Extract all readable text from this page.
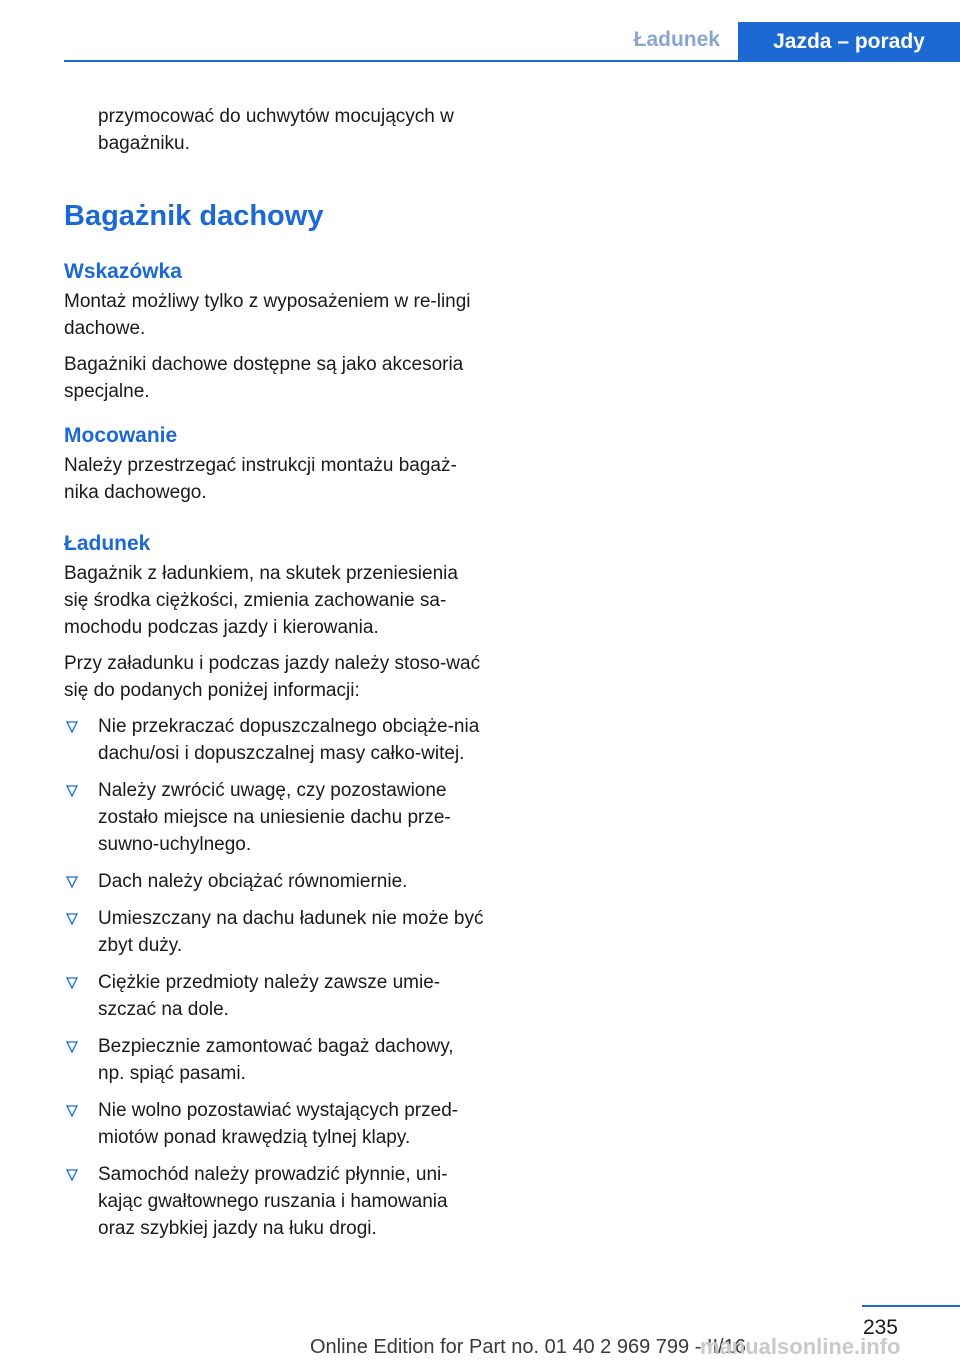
Ładunek	Jazda – porady
przymocować do uchwytów mocujących w bagażniku.
Bagażnik dachowy
Wskazówka

Montaż możliwy tylko z wyposażeniem w re-lingi dachowe.

Bagażniki dachowe dostępne są jako akcesoria specjalne.

Mocowanie

Należy przestrzegać instrukcji montażu bagaż-nika dachowego.

Ładunek

Bagażnik z ładunkiem, na skutek przeniesienia się środka ciężkości, zmienia zachowanie sa-mochodu podczas jazdy i kierowania.

Przy załadunku i podczas jazdy należy stoso-wać się do podanych poniżej informacji:

Nie przekraczać dopuszczalnego obciąże-nia dachu/osi i dopuszczalnej masy całko-witej.
Należy zwrócić uwagę, czy pozostawione zostało miejsce na uniesienie dachu prze-suwno-uchylnego.
Dach należy obciążać równomiernie.
Umieszczany na dachu ładunek nie może być zbyt duży.
Ciężkie przedmioty należy zawsze umie-szczać na dole.
Bezpiecznie zamontować bagaż dachowy, np. spiąć pasami.
Nie wolno pozostawiać wystających przed-miotów ponad krawędzią tylnej klapy.
Samochód należy prowadzić płynnie, uni-kając gwałtownego ruszania i hamowania oraz szybkiej jazdy na łuku drogi.
235
Online Edition for Part no. 01 40 2 969 799 - II/16
manualsonline.info
